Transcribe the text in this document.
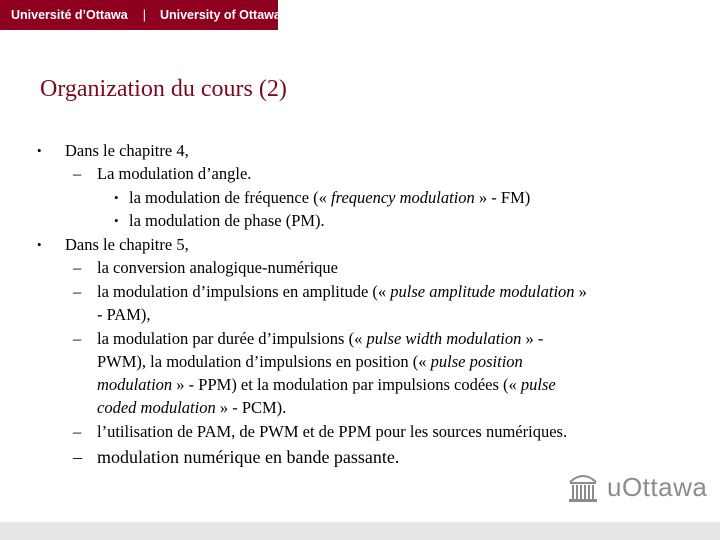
Université d’Ottawa | University of Ottawa
Organization du cours (2)
• Dans le chapitre 4,
– La modulation d’angle.
• la modulation de fréquence (« frequency modulation » - FM)
• la modulation de phase (PM).
• Dans le chapitre 5,
– la conversion analogique-numérique
– la modulation d’impulsions en amplitude (« pulse amplitude modulation »
- PAM),
– la modulation par durée d’impulsions (« pulse width modulation » -
PWM), la modulation d’impulsions en position (« pulse position
modulation » - PPM) et la modulation par impulsions codées (« pulse
coded modulation » - PCM).
– l’utilisation de PAM, de PWM et de PPM pour les sources numériques.
– modulation numérique en bande passante.
uOttawa
